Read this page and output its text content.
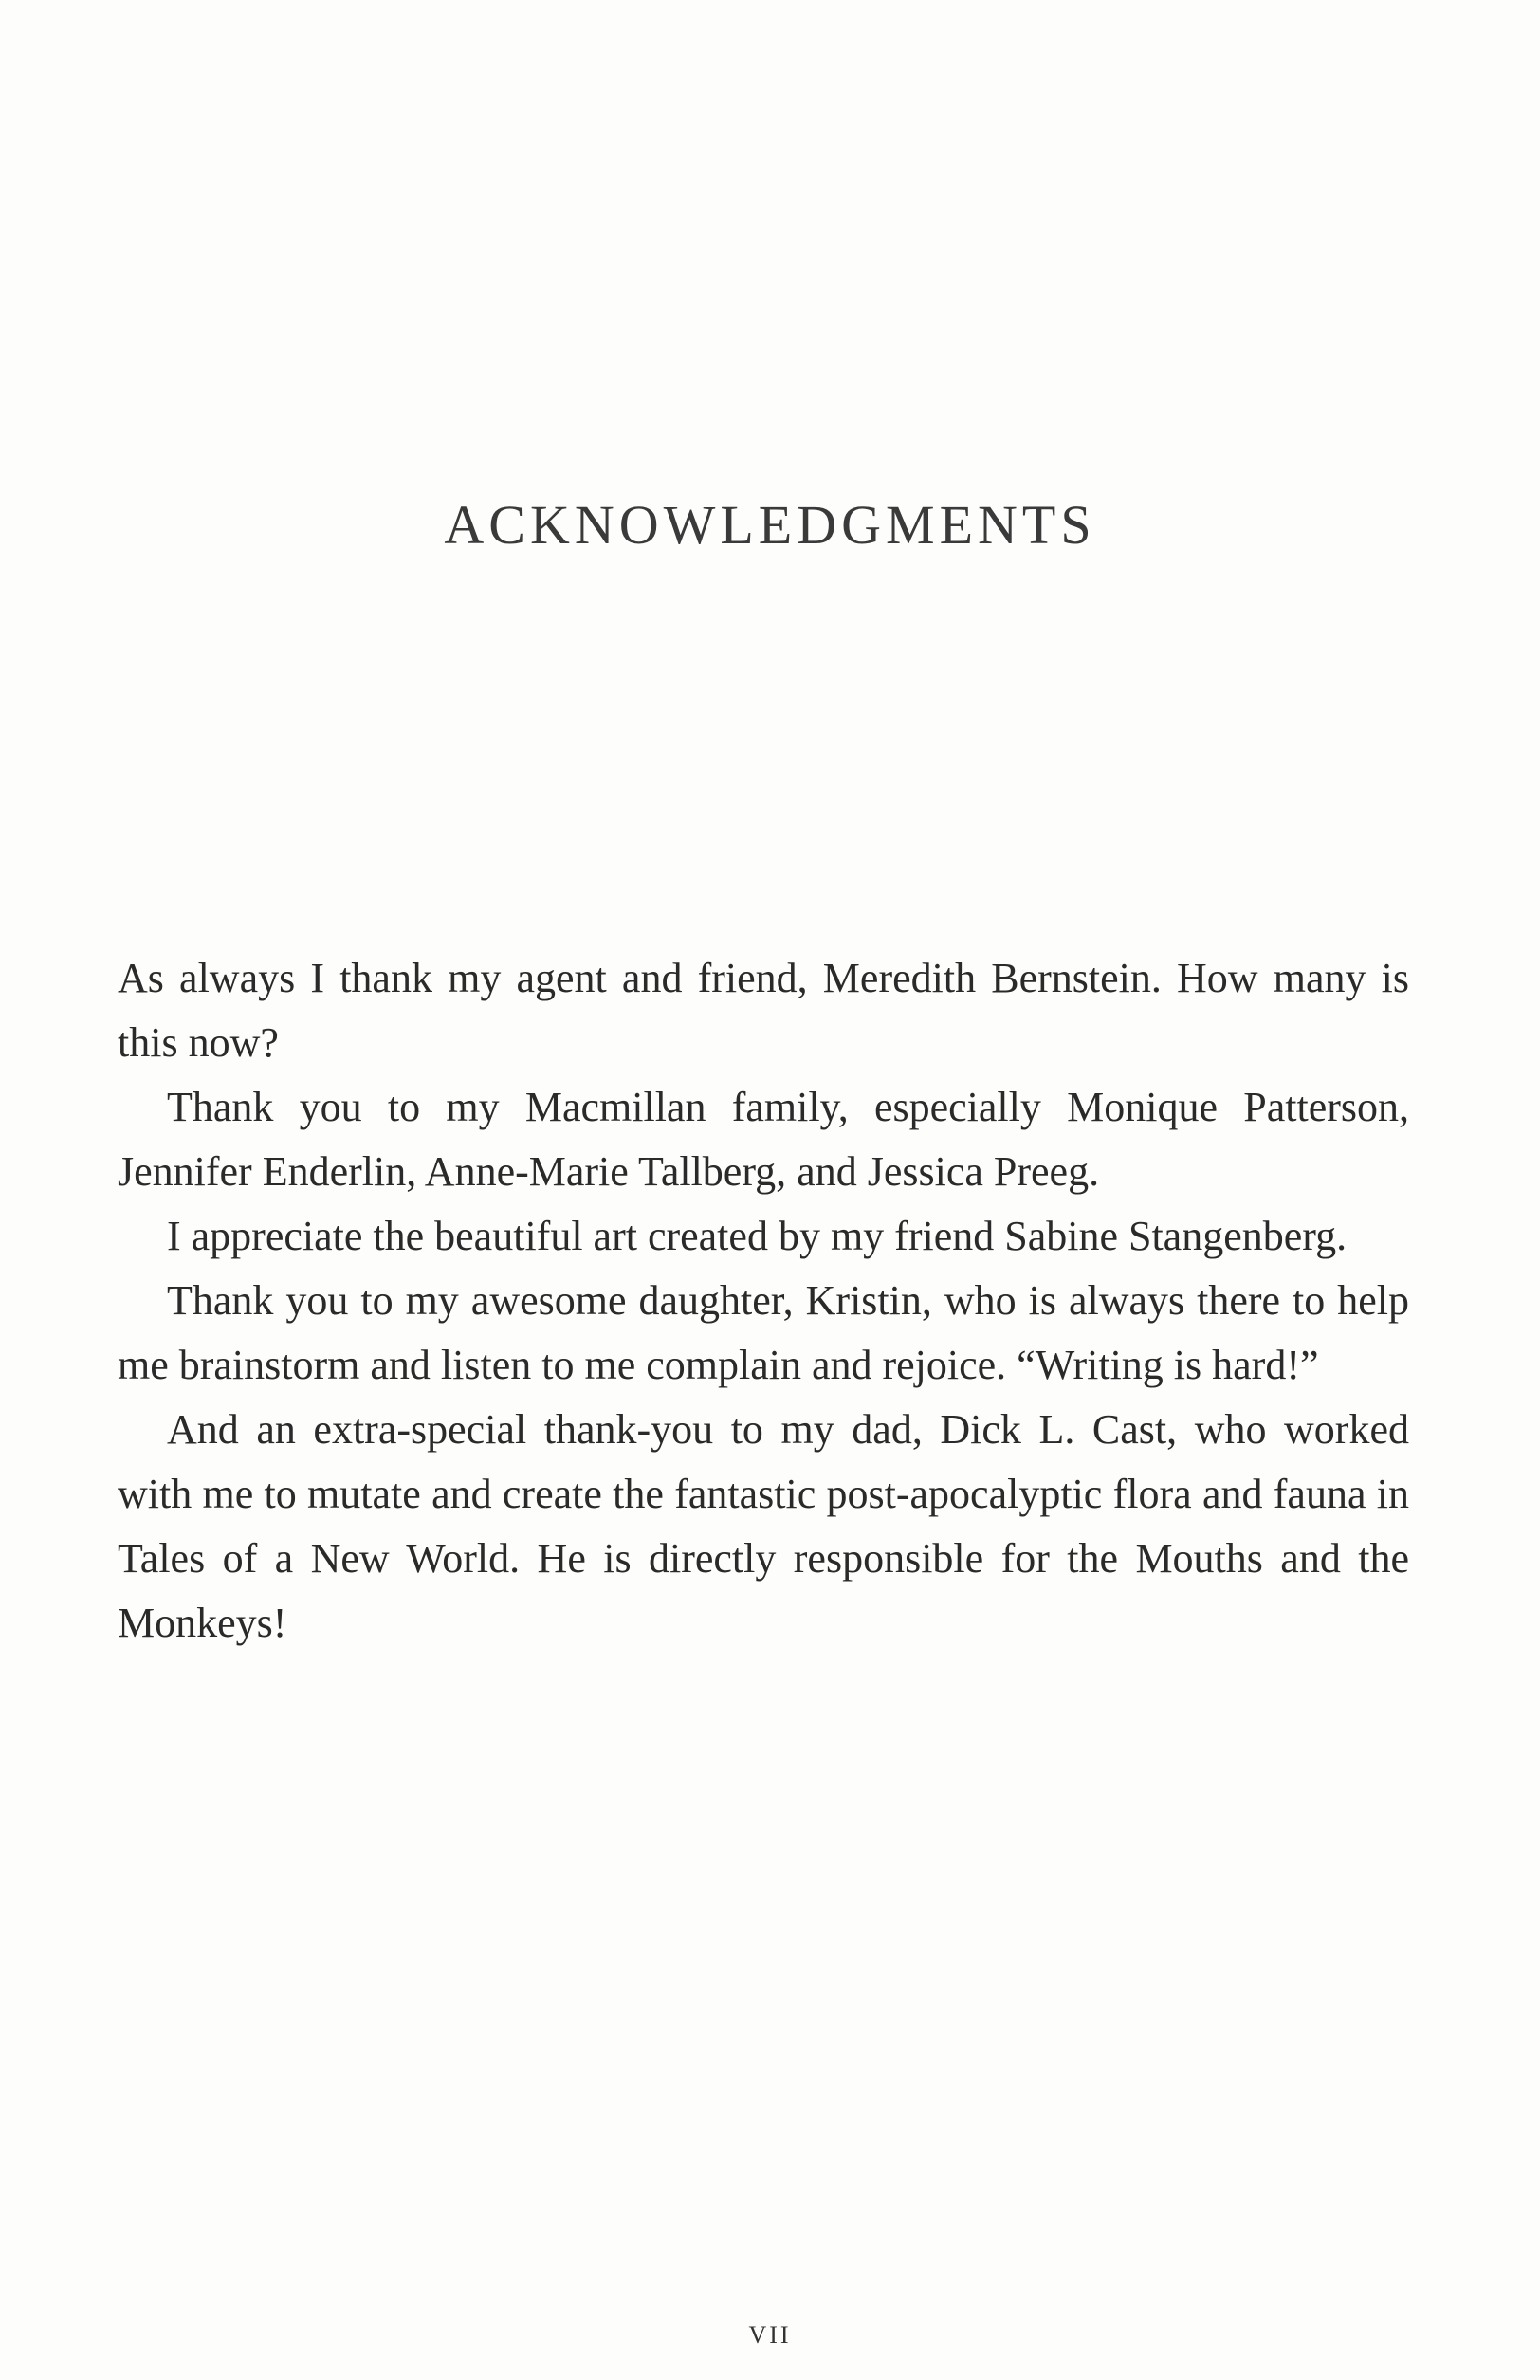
ACKNOWLEDGMENTS

As always I thank my agent and friend, Meredith Bernstein. How many is this now?

Thank you to my Macmillan family, especially Monique Patterson, Jennifer Enderlin, Anne-Marie Tallberg, and Jessica Preeg.

I appreciate the beautiful art created by my friend Sabine Stangenberg.

Thank you to my awesome daughter, Kristin, who is always there to help me brainstorm and listen to me complain and rejoice. “Writing is hard!”

And an extra-special thank-you to my dad, Dick L. Cast, who worked with me to mutate and create the fantastic post-apocalyptic flora and fauna in Tales of a New World. He is directly responsible for the Mouths and the Monkeys!

VII
